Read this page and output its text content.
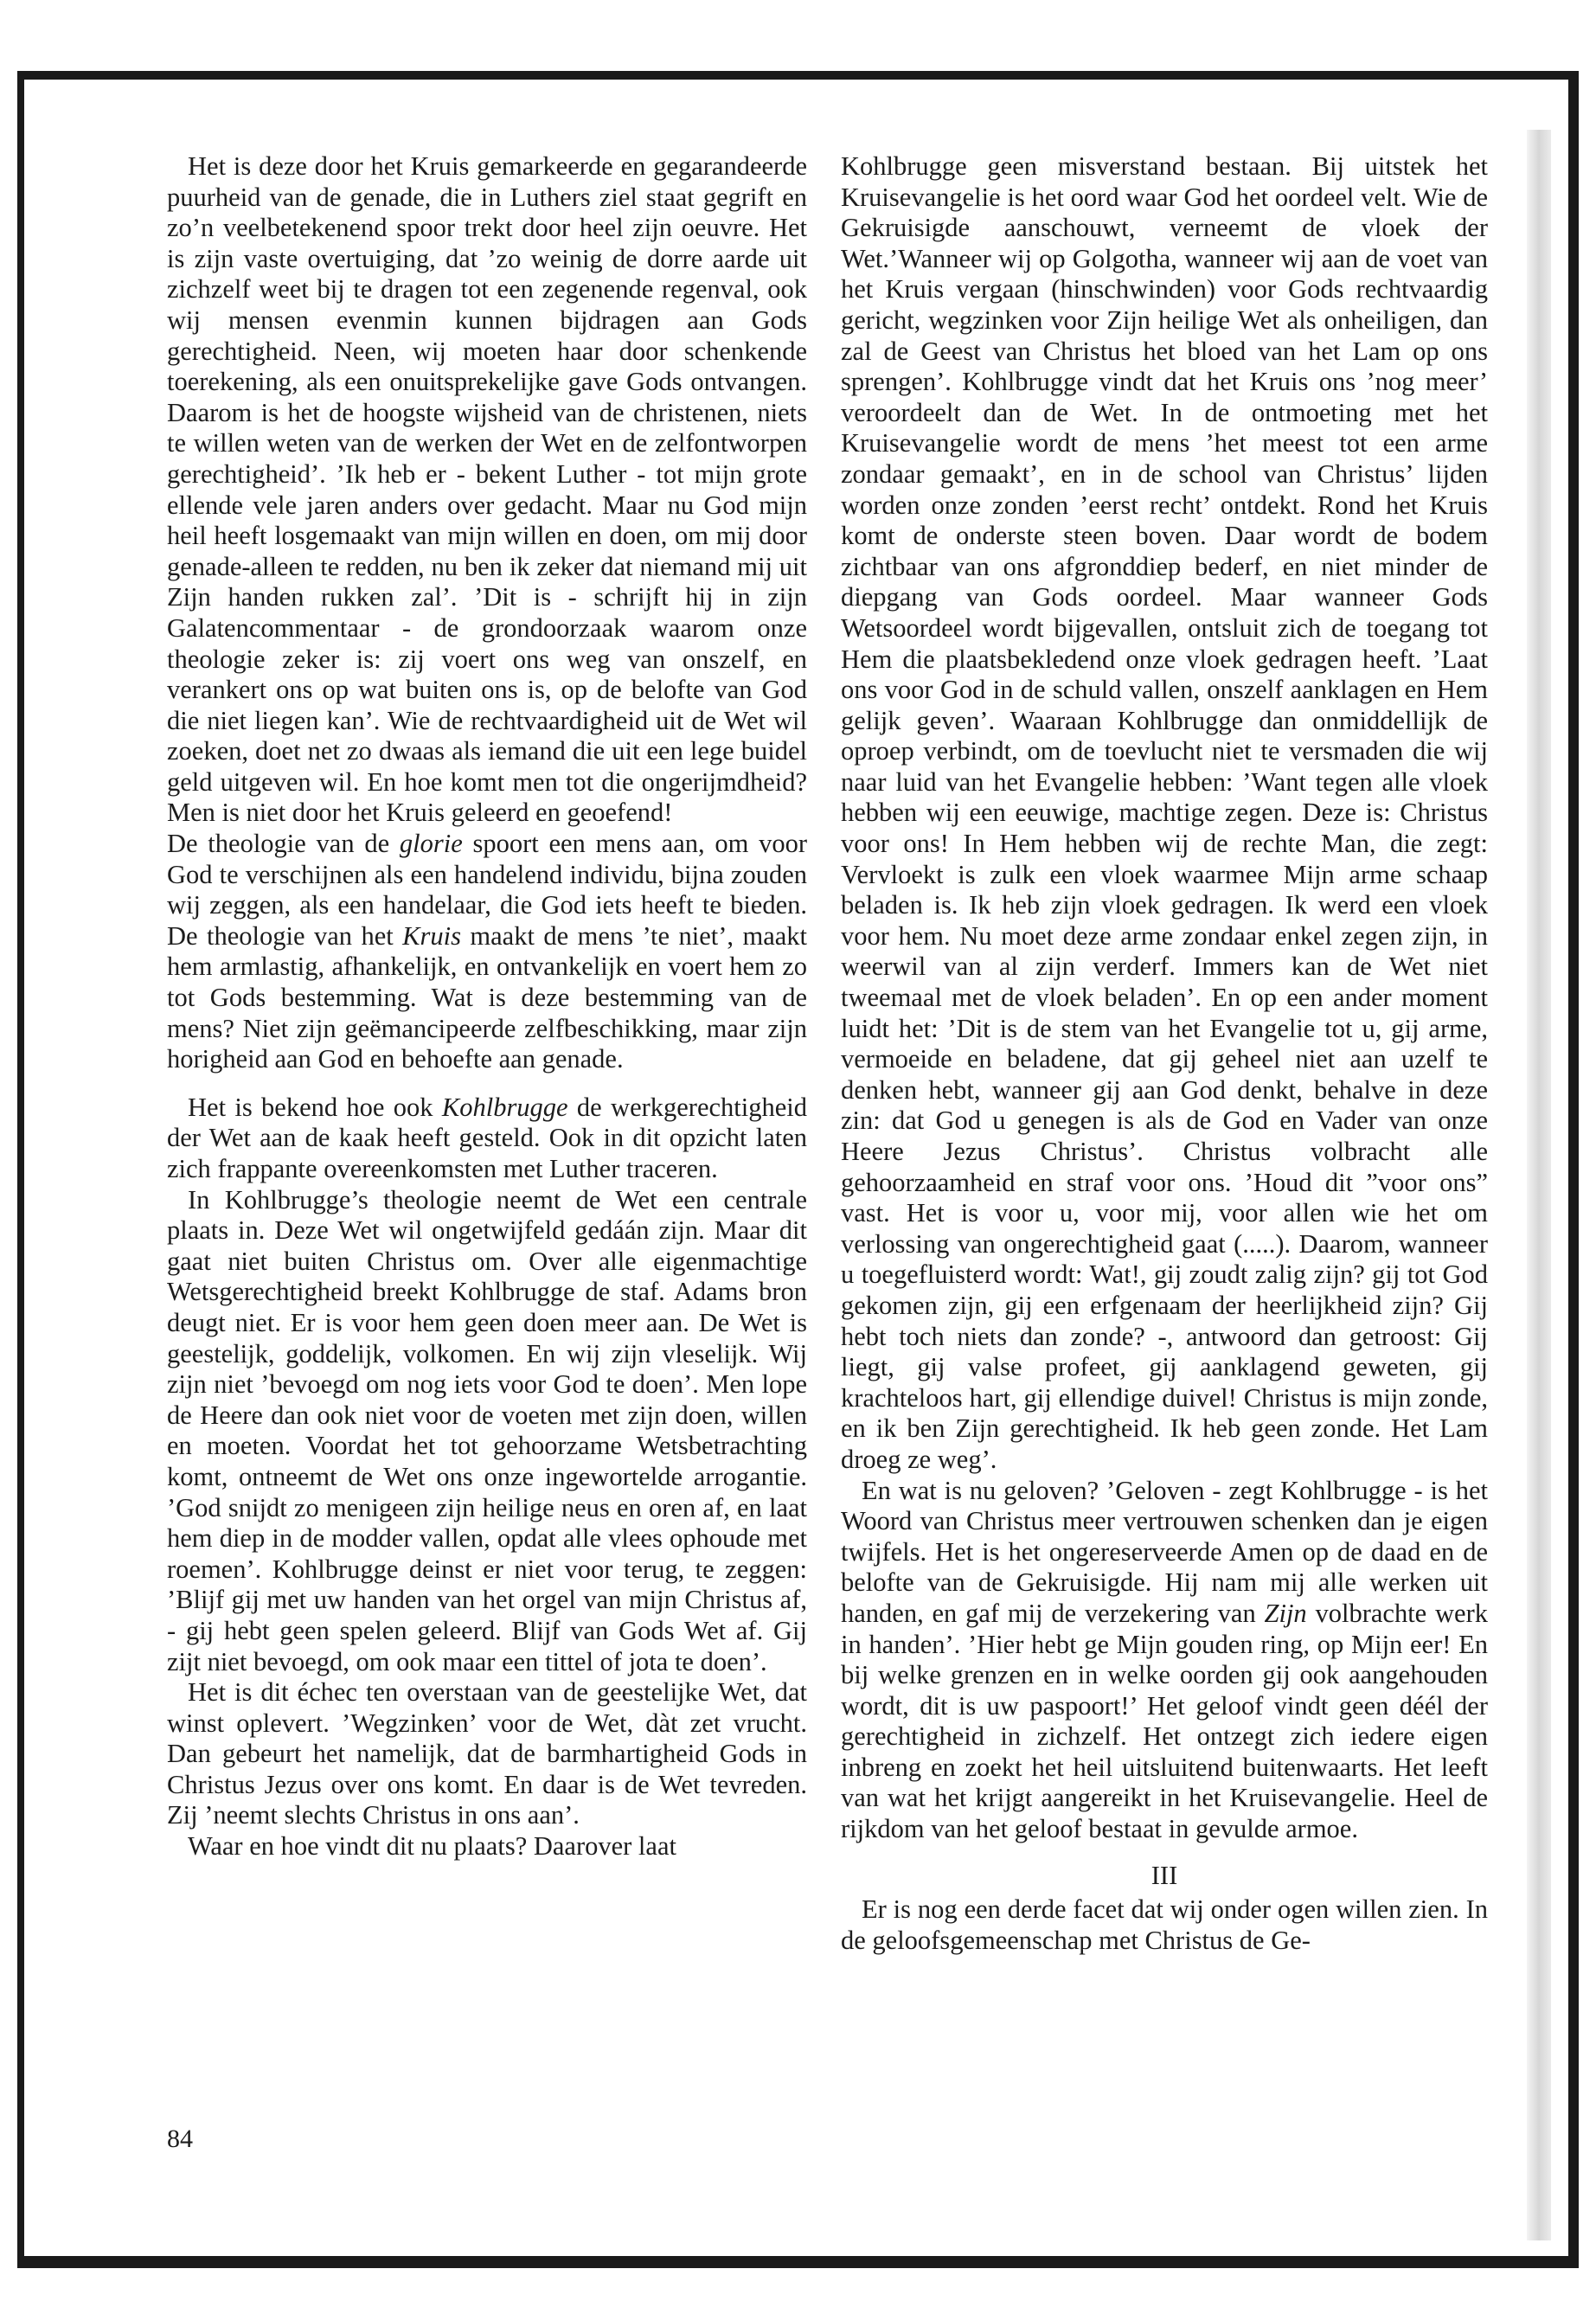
Het is deze door het Kruis gemarkeerde en gegarandeerde puurheid van de genade, die in Luthers ziel staat gegrift en zo’n veelbetekenend spoor trekt door heel zijn oeuvre. Het is zijn vaste overtuiging, dat ’zo weinig de dorre aarde uit zichzelf weet bij te dragen tot een zegenende regenval, ook wij mensen evenmin kunnen bijdragen aan Gods gerechtigheid. Neen, wij moeten haar door schenkende toerekening, als een onuitsprekelijke gave Gods ontvangen. Daarom is het de hoogste wijsheid van de christenen, niets te willen weten van de werken der Wet en de zelfontworpen gerechtigheid’. ’Ik heb er - bekent Luther - tot mijn grote ellende vele jaren anders over gedacht. Maar nu God mijn heil heeft losgemaakt van mijn willen en doen, om mij door genade-alleen te redden, nu ben ik zeker dat niemand mij uit Zijn handen rukken zal’. ’Dit is - schrijft hij in zijn Galatencommentaar - de grondoorzaak waarom onze theologie zeker is: zij voert ons weg van onszelf, en verankert ons op wat buiten ons is, op de belofte van God die niet liegen kan’. Wie de rechtvaardigheid uit de Wet wil zoeken, doet net zo dwaas als iemand die uit een lege buidel geld uitgeven wil. En hoe komt men tot die ongerijmdheid? Men is niet door het Kruis geleerd en geoefend!

De theologie van de glorie spoort een mens aan, om voor God te verschijnen als een handelend individu, bijna zouden wij zeggen, als een handelaar, die God iets heeft te bieden. De theologie van het Kruis maakt de mens ’te niet’, maakt hem armlastig, afhankelijk, en ontvankelijk en voert hem zo tot Gods bestemming. Wat is deze bestemming van de mens? Niet zijn geëmancipeerde zelfbeschikking, maar zijn horigheid aan God en behoefte aan genade.

Het is bekend hoe ook Kohlbrugge de werkgerechtigheid der Wet aan de kaak heeft gesteld. Ook in dit opzicht laten zich frappante overeenkomsten met Luther traceren.

In Kohlbrugge’s theologie neemt de Wet een centrale plaats in. Deze Wet wil ongetwijfeld gedáán zijn. Maar dit gaat niet buiten Christus om. Over alle eigenmachtige Wetsgerechtigheid breekt Kohlbrugge de staf. Adams bron deugt niet. Er is voor hem geen doen meer aan. De Wet is geestelijk, goddelijk, volkomen. En wij zijn vleselijk. Wij zijn niet ’bevoegd om nog iets voor God te doen’. Men lope de Heere dan ook niet voor de voeten met zijn doen, willen en moeten. Voordat het tot gehoorzame Wetsbetrachting komt, ontneemt de Wet ons onze ingewortelde arrogantie. ’God snijdt zo menigeen zijn heilige neus en oren af, en laat hem diep in de modder vallen, opdat alle vlees ophoude met roemen’. Kohlbrugge deinst er niet voor terug, te zeggen: ’Blijf gij met uw handen van het orgel van mijn Christus af, - gij hebt geen spelen geleerd. Blijf van Gods Wet af. Gij zijt niet bevoegd, om ook maar een tittel of jota te doen’.

Het is dit échec ten overstaan van de geestelijke Wet, dat winst oplevert. ’Wegzinken’ voor de Wet, dàt zet vrucht. Dan gebeurt het namelijk, dat de barmhartigheid Gods in Christus Jezus over ons komt. En daar is de Wet tevreden. Zij ’neemt slechts Christus in ons aan’.

Waar en hoe vindt dit nu plaats? Daarover laat

Kohlbrugge geen misverstand bestaan. Bij uitstek het Kruisevangelie is het oord waar God het oordeel velt. Wie de Gekruisigde aanschouwt, verneemt de vloek der Wet.’Wanneer wij op Golgotha, wanneer wij aan de voet van het Kruis vergaan (hinschwinden) voor Gods rechtvaardig gericht, wegzinken voor Zijn heilige Wet als onheiligen, dan zal de Geest van Christus het bloed van het Lam op ons sprengen’. Kohlbrugge vindt dat het Kruis ons ’nog meer’ veroordeelt dan de Wet. In de ontmoeting met het Kruisevangelie wordt de mens ’het meest tot een arme zondaar gemaakt’, en in de school van Christus’ lijden worden onze zonden ’eerst recht’ ontdekt. Rond het Kruis komt de onderste steen boven. Daar wordt de bodem zichtbaar van ons afgronddiep bederf, en niet minder de diepgang van Gods oordeel. Maar wanneer Gods Wetsoordeel wordt bijgevallen, ontsluit zich de toegang tot Hem die plaatsbekledend onze vloek gedragen heeft. ’Laat ons voor God in de schuld vallen, onszelf aanklagen en Hem gelijk geven’. Waaraan Kohlbrugge dan onmiddellijk de oproep verbindt, om de toevlucht niet te versmaden die wij naar luid van het Evangelie hebben: ’Want tegen alle vloek hebben wij een eeuwige, machtige zegen. Deze is: Christus voor ons! In Hem hebben wij de rechte Man, die zegt: Vervloekt is zulk een vloek waarmee Mijn arme schaap beladen is. Ik heb zijn vloek gedragen. Ik werd een vloek voor hem. Nu moet deze arme zondaar enkel zegen zijn, in weerwil van al zijn verderf. Immers kan de Wet niet tweemaal met de vloek beladen’. En op een ander moment luidt het: ’Dit is de stem van het Evangelie tot u, gij arme, vermoeide en beladene, dat gij geheel niet aan uzelf te denken hebt, wanneer gij aan God denkt, behalve in deze zin: dat God u genegen is als de God en Vader van onze Heere Jezus Christus’. Christus volbracht alle gehoorzaamheid en straf voor ons. ’Houd dit ”voor ons” vast. Het is voor u, voor mij, voor allen wie het om verlossing van ongerechtigheid gaat (.....). Daarom, wanneer u toegefluisterd wordt: Wat!, gij zoudt zalig zijn? gij tot God gekomen zijn, gij een erfgenaam der heerlijkheid zijn? Gij hebt toch niets dan zonde? -, antwoord dan getroost: Gij liegt, gij valse profeet, gij aanklagend geweten, gij krachteloos hart, gij ellendige duivel! Christus is mijn zonde, en ik ben Zijn gerechtigheid. Ik heb geen zonde. Het Lam droeg ze weg’.

En wat is nu geloven? ’Geloven - zegt Kohlbrugge - is het Woord van Christus meer vertrouwen schenken dan je eigen twijfels. Het is het ongereserveerde Amen op de daad en de belofte van de Gekruisigde. Hij nam mij alle werken uit handen, en gaf mij de verzekering van Zijn volbrachte werk in handen’. ’Hier hebt ge Mijn gouden ring, op Mijn eer! En bij welke grenzen en in welke oorden gij ook aangehouden wordt, dit is uw paspoort!’ Het geloof vindt geen déél der gerechtigheid in zichzelf. Het ontzegt zich iedere eigen inbreng en zoekt het heil uitsluitend buitenwaarts. Het leeft van wat het krijgt aangereikt in het Kruisevangelie. Heel de rijkdom van het geloof bestaat in gevulde armoe.

III

Er is nog een derde facet dat wij onder ogen willen zien. In de geloofsgemeenschap met Christus de Ge-

84
